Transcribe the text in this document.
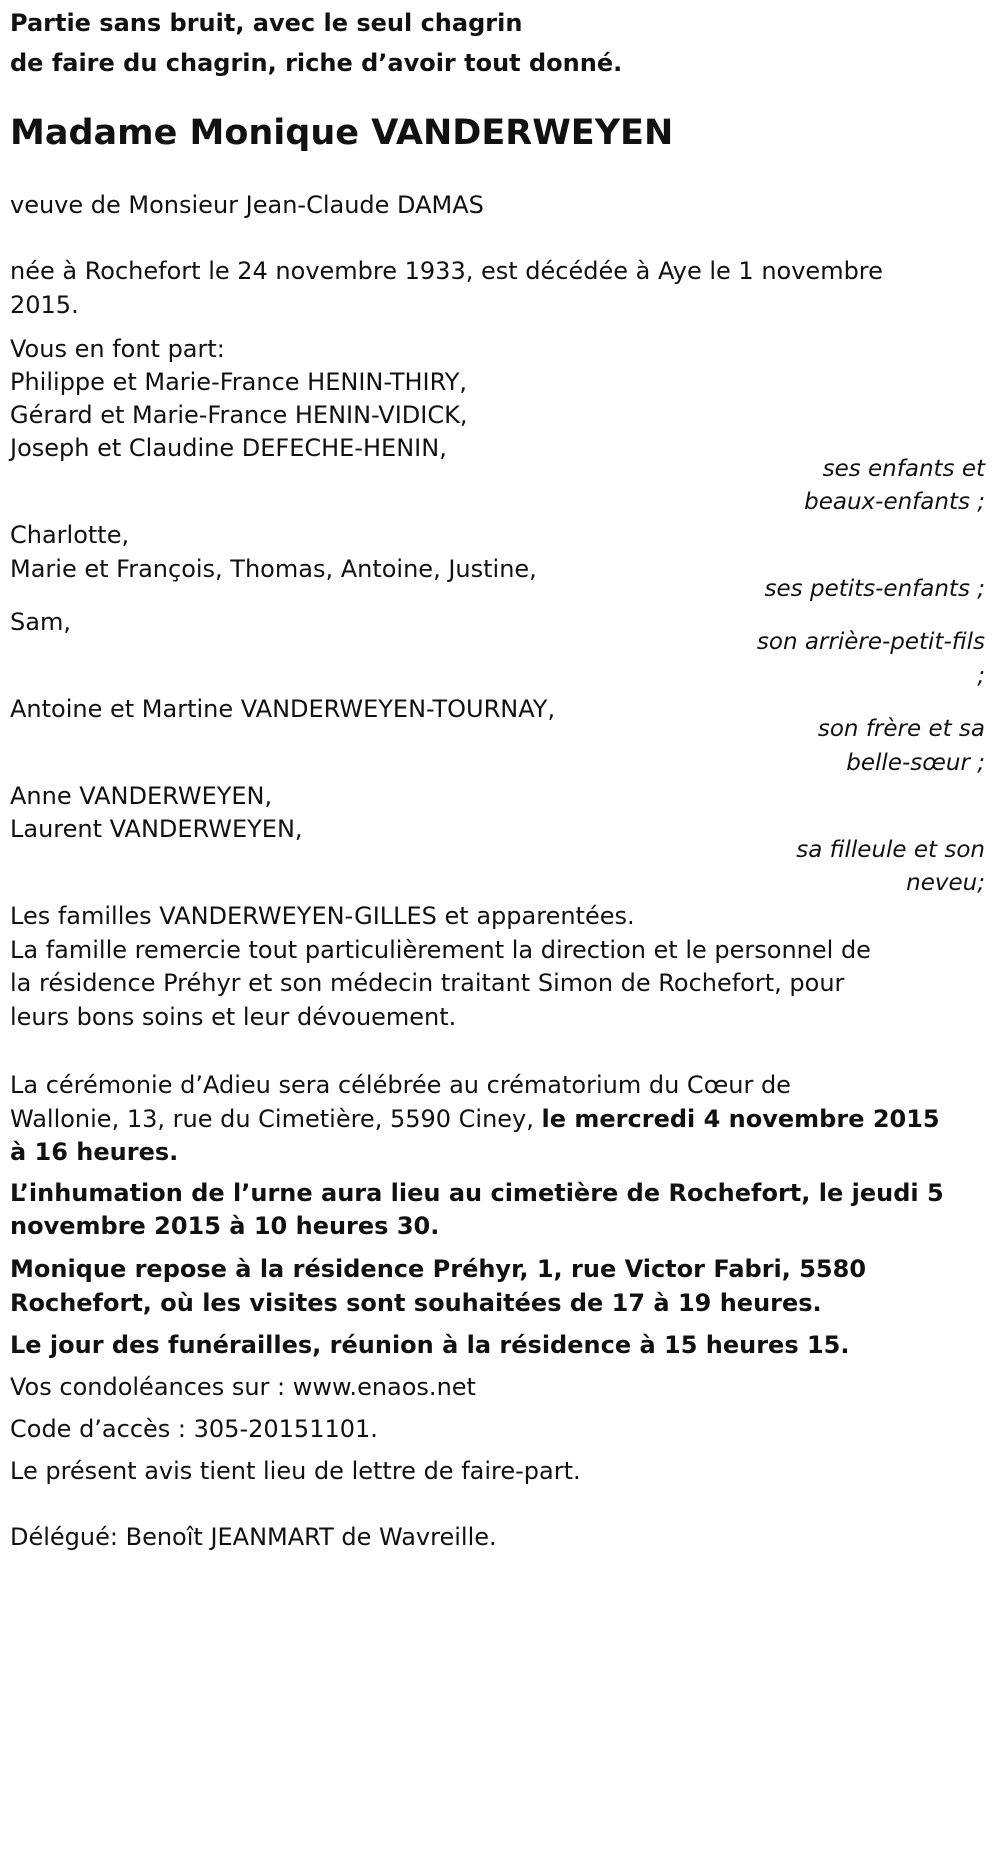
Partie sans bruit, avec le seul chagrin
de faire du chagrin, riche d’avoir tout donné.
Madame Monique VANDERWEYEN
veuve de Monsieur Jean-Claude DAMAS
née à Rochefort le 24 novembre 1933, est décédée à Aye le 1 novembre
2015.
Vous en font part:
Philippe et Marie-France HENIN-THIRY,
Gérard et Marie-France HENIN-VIDICK,
Joseph et Claudine DEFECHE-HENIN,
ses enfants et
beaux-enfants ;
Charlotte,
Marie et François, Thomas, Antoine, Justine,
ses petits-enfants ;
Sam,
son arrière-petit-fils
;
Antoine et Martine VANDERWEYEN-TOURNAY,
son frère et sa
belle-sœur ;
Anne VANDERWEYEN,
Laurent VANDERWEYEN,
sa filleule et son
neveu;
Les familles VANDERWEYEN-GILLES et apparentées.
La famille remercie tout particulièrement la direction et le personnel de
la résidence Préhyr et son médecin traitant Simon de Rochefort, pour
leurs bons soins et leur dévouement.
La cérémonie d’Adieu sera célébrée au crématorium du Cœur de
Wallonie, 13, rue du Cimetière, 5590 Ciney, le mercredi 4 novembre 2015
à 16 heures.
L’inhumation de l’urne aura lieu au cimetière de Rochefort, le jeudi 5
novembre 2015 à 10 heures 30.
Monique repose à la résidence Préhyr, 1, rue Victor Fabri, 5580
Rochefort, où les visites sont souhaitées de 17 à 19 heures.
Le jour des funérailles, réunion à la résidence à 15 heures 15.
Vos condoléances sur : www.enaos.net
Code d’accès : 305-20151101.
Le présent avis tient lieu de lettre de faire-part.
Délégué: Benoît JEANMART de Wavreille.
